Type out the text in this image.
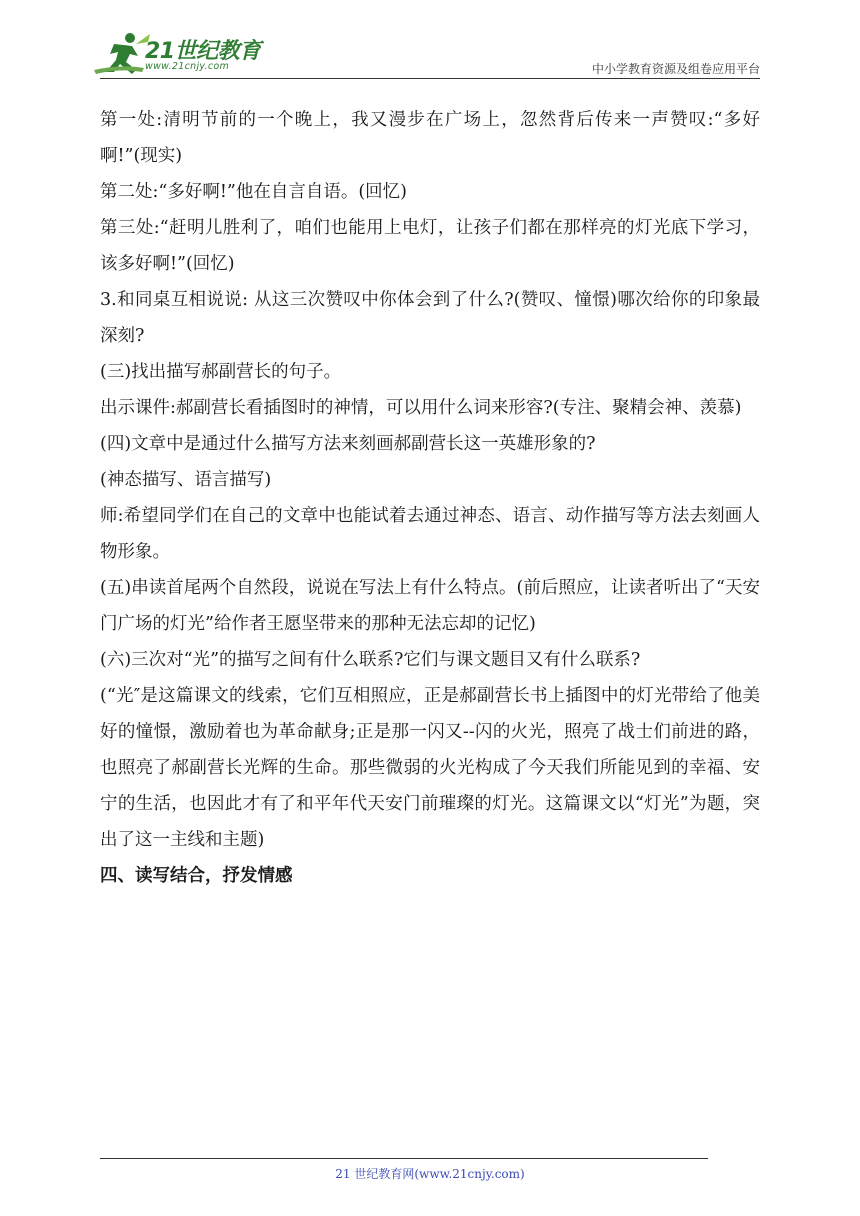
21世纪教育
www.21cnjy.com	中小学教育资源及组卷应用平台

第一处:清明节前的一个晚上，我又漫步在广场上，忽然背后传来一声赞叹:“多好啊!”(现实)

第二处:“多好啊!”他在自言自语。(回忆)

第三处:“赶明儿胜利了，咱们也能用上电灯，让孩子们都在那样亮的灯光底下学习，该多好啊!”(回忆)

3.和同桌互相说说: 从这三次赞叹中你体会到了什么?(赞叹、憧憬)哪次给你的印象最深刻?

(三)找出描写郝副营长的句子。

出示课件:郝副营长看插图时的神情，可以用什么词来形容?(专注、聚精会神、羡慕)

(四)文章中是通过什么描写方法来刻画郝副营长这一英雄形象的?

(神态描写、语言描写)

师:希望同学们在自己的文章中也能试着去通过神态、语言、动作描写等方法去刻画人物形象。

(五)串读首尾两个自然段，说说在写法上有什么特点。(前后照应，让读者听出了“天安门广场的灯光”给作者王愿坚带来的那种无法忘却的记忆)

(六)三次对“光”的描写之间有什么联系?它们与课文题目又有什么联系?

(“光″是这篇课文的线索，它们互相照应，正是郝副营长书上插图中的灯光带给了他美好的憧憬，激励着也为革命献身;正是那一闪又--闪的火光，照亮了战士们前进的路，也照亮了郝副营长光辉的生命。那些微弱的火光构成了今天我们所能见到的幸福、安宁的生活，也因此才有了和平年代天安门前璀璨的灯光。这篇课文以“灯光”为题，突出了这一主线和主题)

四、读写结合，抒发情感

21 世纪教育网(www.21cnjy.com)
